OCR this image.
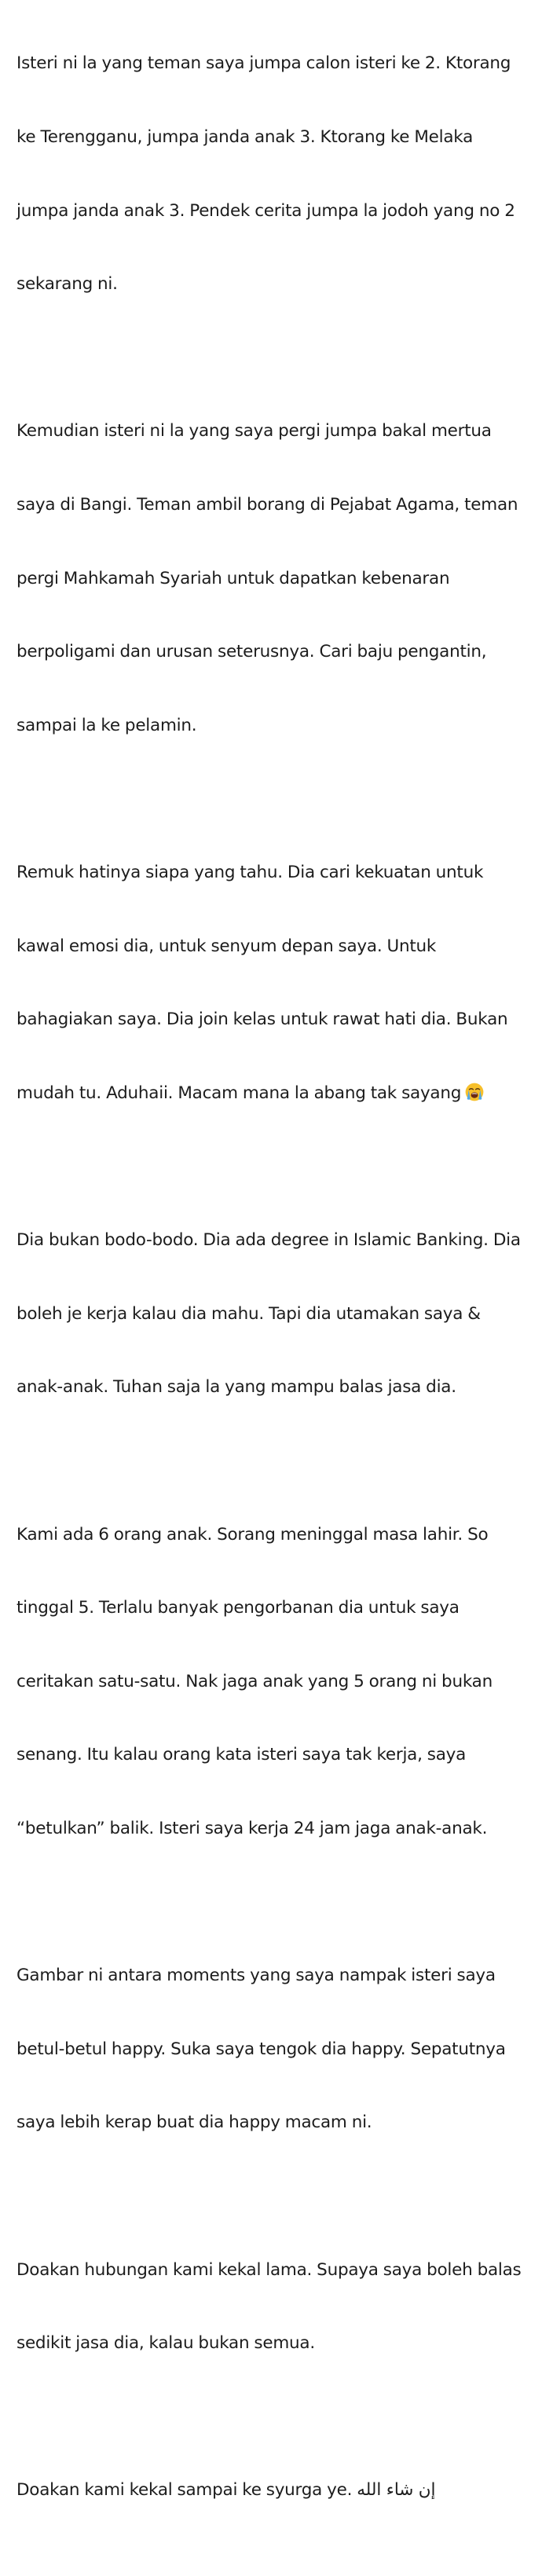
Isteri ni la yang teman saya jumpa calon isteri ke 2. Ktorang

ke Terengganu, jumpa janda anak 3. Ktorang ke Melaka

jumpa janda anak 3. Pendek cerita jumpa la jodoh yang no 2

sekarang ni.

Kemudian isteri ni la yang saya pergi jumpa bakal mertua

saya di Bangi. Teman ambil borang di Pejabat Agama, teman

pergi Mahkamah Syariah untuk dapatkan kebenaran

berpoligami dan urusan seterusnya. Cari baju pengantin,

sampai la ke pelamin.

Remuk hatinya siapa yang tahu. Dia cari kekuatan untuk

kawal emosi dia, untuk senyum depan saya. Untuk

bahagiakan saya. Dia join kelas untuk rawat hati dia. Bukan

mudah tu. Aduhaii. Macam mana la abang tak sayang

Dia bukan bodo-bodo. Dia ada degree in Islamic Banking. Dia

boleh je kerja kalau dia mahu. Tapi dia utamakan saya &

anak-anak. Tuhan saja la yang mampu balas jasa dia.

Kami ada 6 orang anak. Sorang meninggal masa lahir. So

tinggal 5. Terlalu banyak pengorbanan dia untuk saya

ceritakan satu-satu. Nak jaga anak yang 5 orang ni bukan

senang. Itu kalau orang kata isteri saya tak kerja, saya

“betulkan” balik. Isteri saya kerja 24 jam jaga anak-anak.

Gambar ni antara moments yang saya nampak isteri saya

betul-betul happy. Suka saya tengok dia happy. Sepatutnya

saya lebih kerap buat dia happy macam ni.

Doakan hubungan kami kekal lama. Supaya saya boleh balas

sedikit jasa dia, kalau bukan semua.

Doakan kami kekal sampai ke syurga ye. إن شاء الله
